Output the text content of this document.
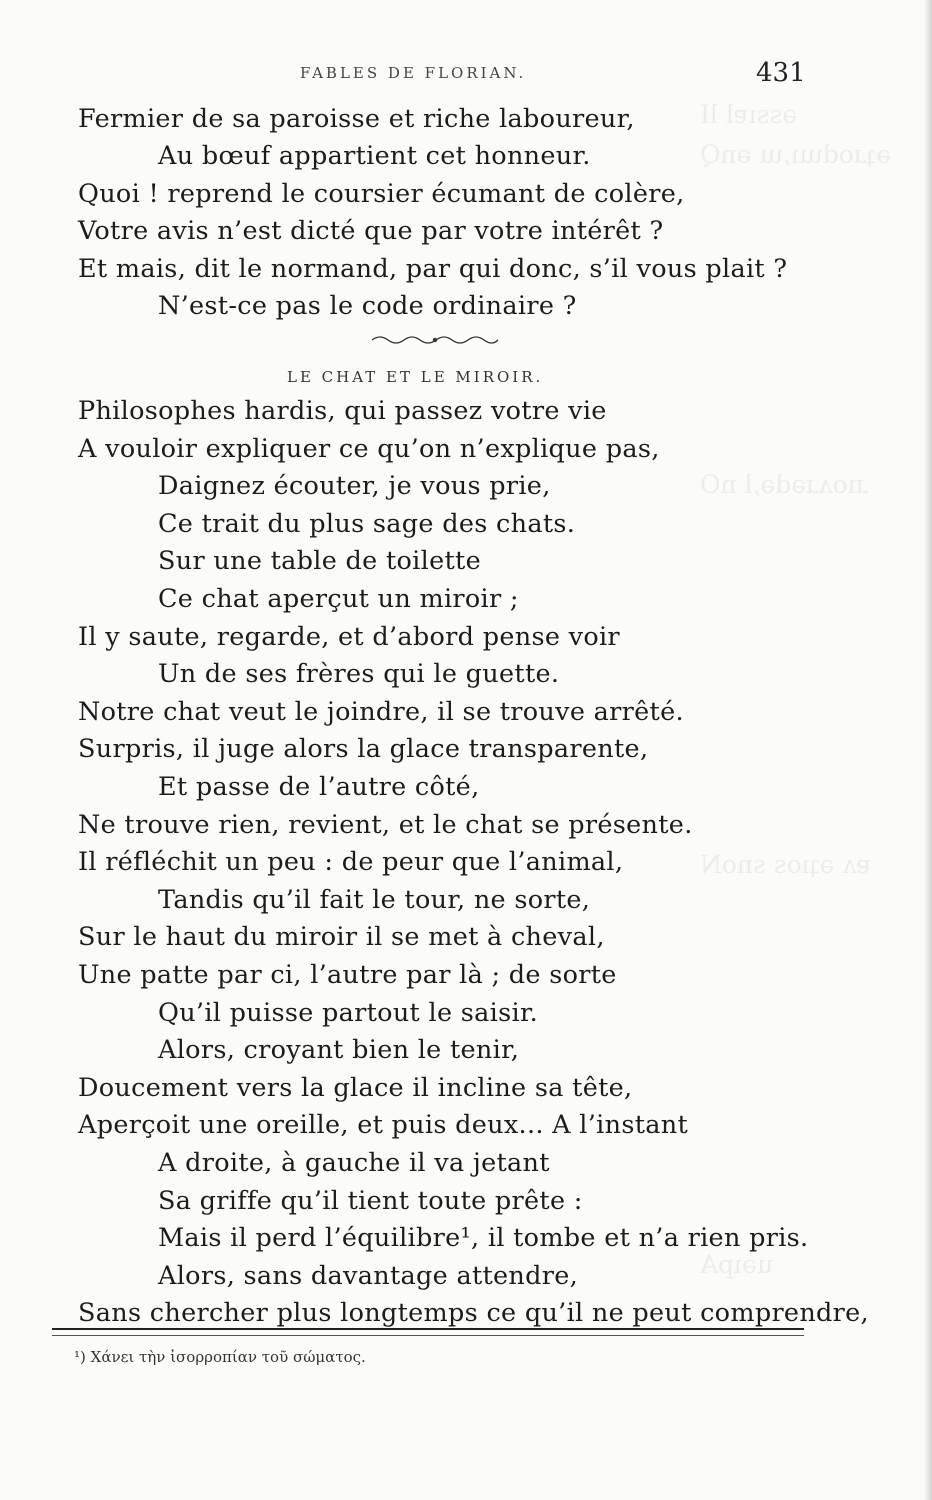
ǝssıɐl lI
ǝʇɹodɯı,ɯ ǝnQ
ɹıoʌɹǝdǝ,l nO
ɐʌ ǝʇıos snoN
uǝıpA
FABLES DE FLORIAN.	431
Fermier de sa paroisse et riche laboureur,
Au bœuf appartient cet honneur.
Quoi ! reprend le coursier écumant de colère,
Votre avis n’est dicté que par votre intérêt ?
Et mais, dit le normand, par qui donc, s’il vous plait ?
N’est-ce pas le code ordinaire ?
LE CHAT ET LE MIROIR.
Philosophes hardis, qui passez votre vie
A vouloir expliquer ce qu’on n’explique pas,
Daignez écouter, je vous prie,
Ce trait du plus sage des chats.
Sur une table de toilette
Ce chat aperçut un miroir ;
Il y saute, regarde, et d’abord pense voir
Un de ses frères qui le guette.
Notre chat veut le joindre, il se trouve arrêté.
Surpris, il juge alors la glace transparente,
Et passe de l’autre côté,
Ne trouve rien, revient, et le chat se présente.
Il réfléchit un peu : de peur que l’animal,
Tandis qu’il fait le tour, ne sorte,
Sur le haut du miroir il se met à cheval,
Une patte par ci, l’autre par là ; de sorte
Qu’il puisse partout le saisir.
Alors, croyant bien le tenir,
Doucement vers la glace il incline sa tête,
Aperçoit une oreille, et puis deux... A l’instant
A droite, à gauche il va jetant
Sa griffe qu’il tient toute prête :
Mais il perd l’équilibre¹, il tombe et n’a rien pris.
Alors, sans davantage attendre,
Sans chercher plus longtemps ce qu’il ne peut comprendre,
¹) Χάνει τὴν ἰσορροπίαν τοῦ σώματος.
